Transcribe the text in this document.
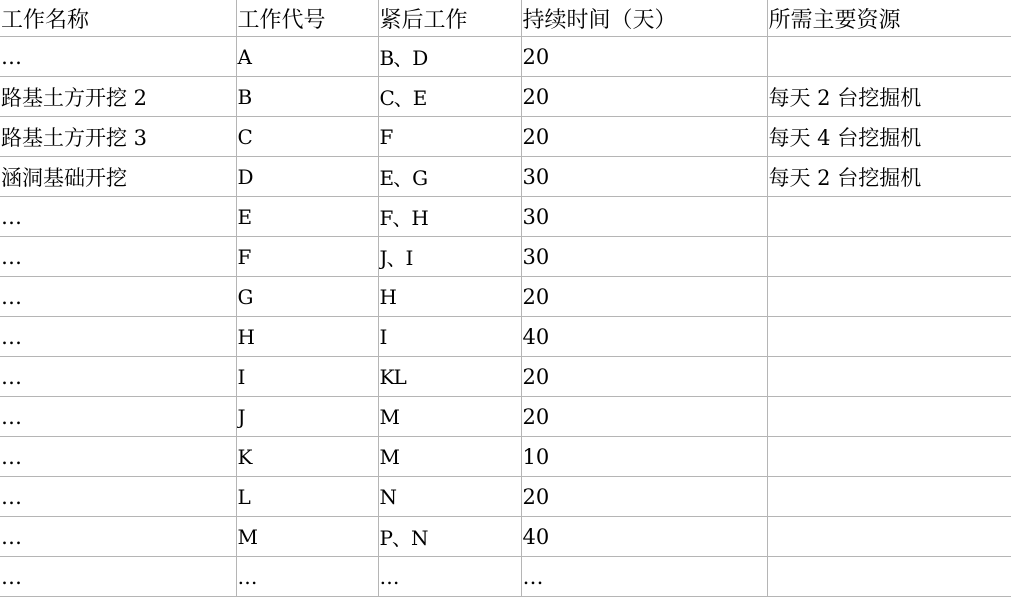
工作名称	工作代号	紧后工作	持续时间（天）	所需主要资源
…	A	B、D	20	
路基土方开挖 2	B	C、E	20	每天 2 台挖掘机
路基土方开挖 3	C	F	20	每天 4 台挖掘机
涵洞基础开挖	D	E、G	30	每天 2 台挖掘机
…	E	F、H	30	
…	F	J、I	30	
…	G	H	20	
…	H	I	40	
…	I	KL	20	
…	J	M	20	
…	K	M	10	
…	L	N	20	
…	M	P、N	40	
…	…	…	…	
